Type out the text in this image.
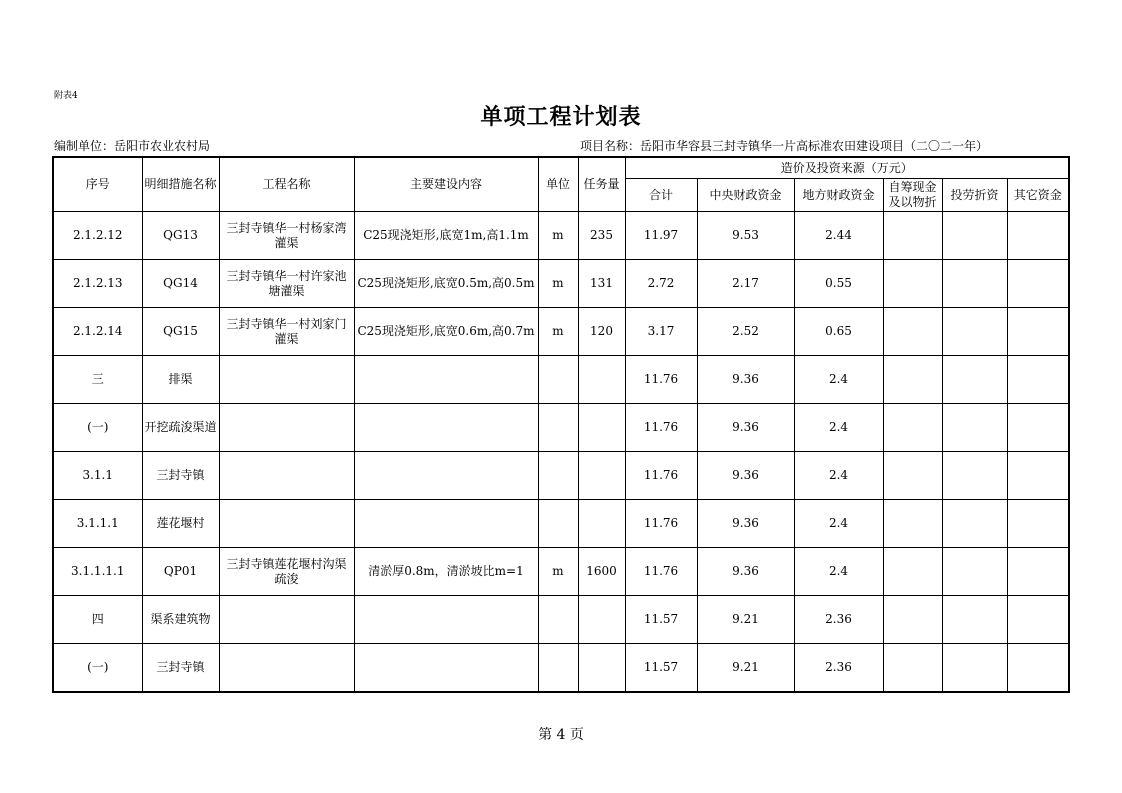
附表4
单项工程计划表
编制单位：岳阳市农业农村局	项目名称：岳阳市华容县三封寺镇华一片高标准农田建设项目（二〇二一年）
序号	明细措施名称	工程名称	主要建设内容	单位	任务量	造价及投资来源（万元）					
						合计	中央财政资金	地方财政资金	自筹现金及以物折	投劳折资	其它资金
2.1.2.12	QG13	三封寺镇华一村杨家湾灌渠	C25现浇矩形,底宽1m,高1.1m	m	235	11.97	9.53	2.44			
2.1.2.13	QG14	三封寺镇华一村许家池塘灌渠	C25现浇矩形,底宽0.5m,高0.5m	m	131	2.72	2.17	0.55			
2.1.2.14	QG15	三封寺镇华一村刘家门灌渠	C25现浇矩形,底宽0.6m,高0.7m	m	120	3.17	2.52	0.65			
三	排渠					11.76	9.36	2.4			
(一)	开挖疏浚渠道					11.76	9.36	2.4			
3.1.1	三封寺镇					11.76	9.36	2.4			
3.1.1.1	莲花堰村					11.76	9.36	2.4			
3.1.1.1.1	QP01	三封寺镇莲花堰村沟渠疏浚	清淤厚0.8m，清淤坡比m=1	m	1600	11.76	9.36	2.4			
四	渠系建筑物					11.57	9.21	2.36			
(一)	三封寺镇					11.57	9.21	2.36			
第 4 页
